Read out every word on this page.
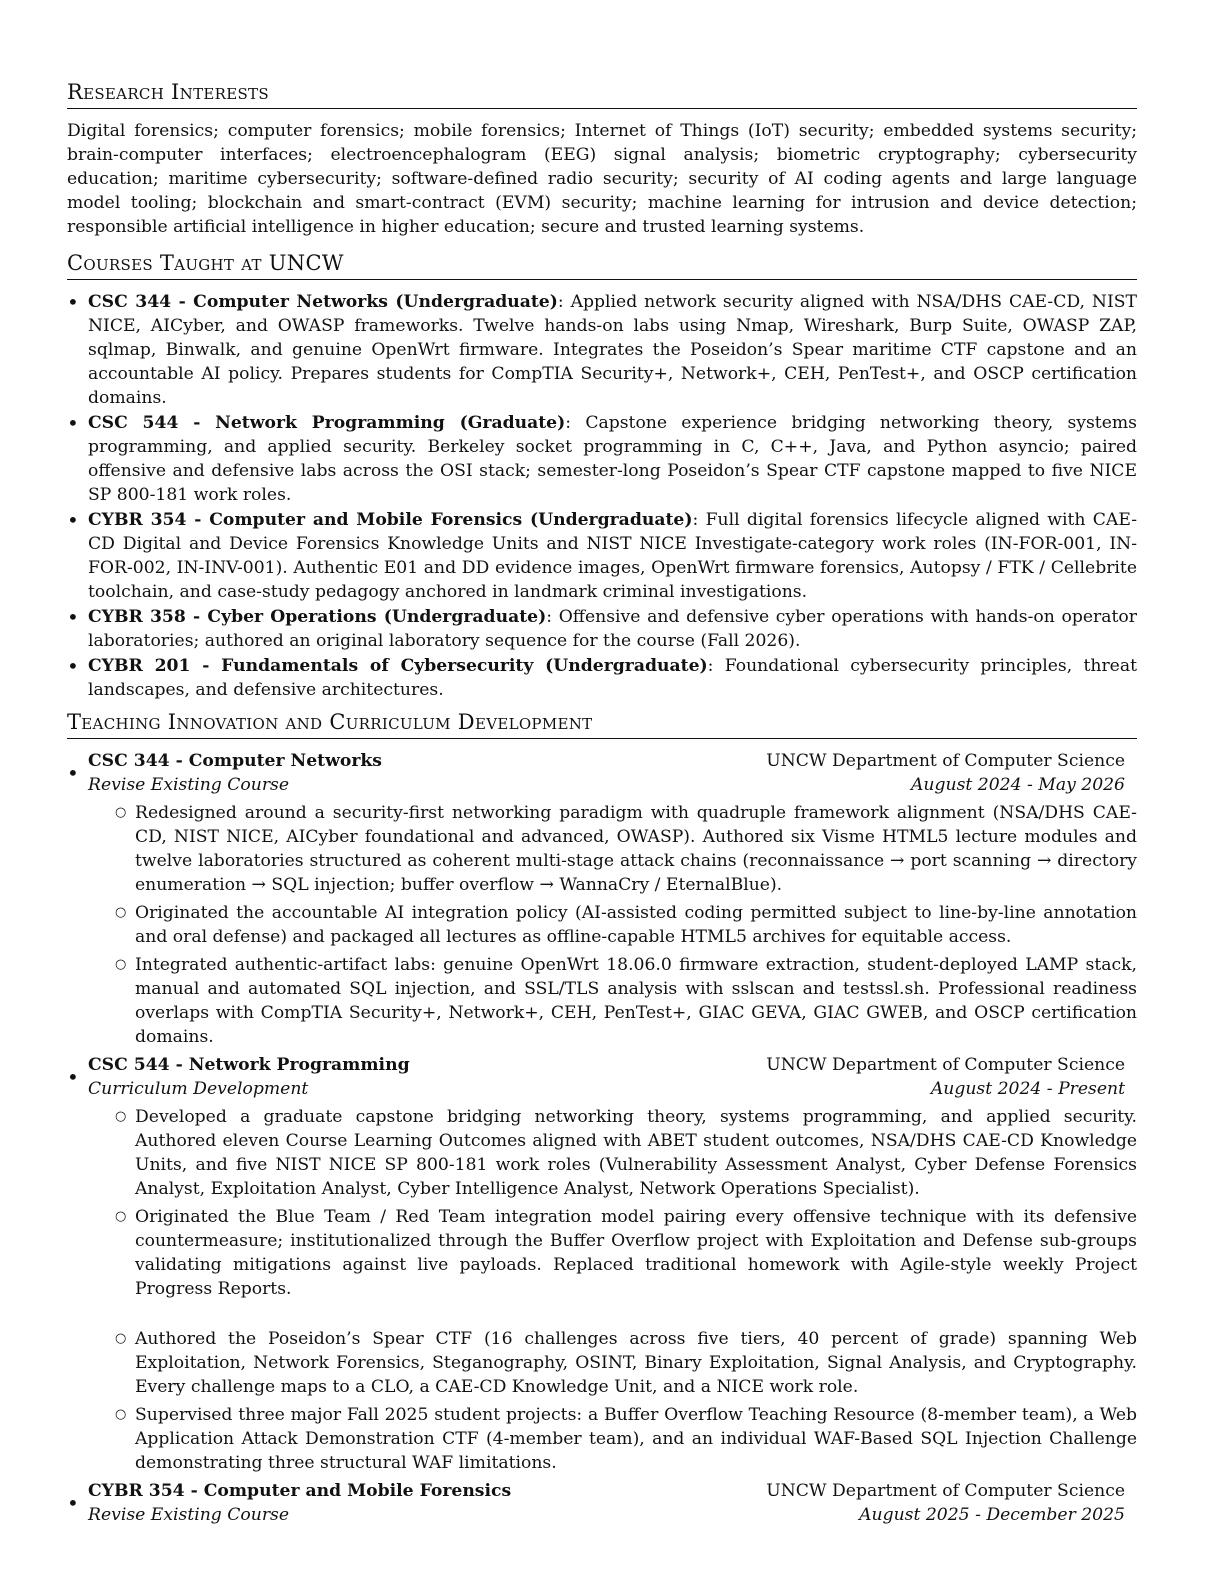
Research Interests

Digital forensics; computer forensics; mobile forensics; Internet of Things (IoT) security; embedded systems security; brain-computer interfaces; electroencephalogram (EEG) signal analysis; biometric cryptography; cybersecurity education; maritime cybersecurity; software-defined radio security; security of AI coding agents and large language model tooling; blockchain and smart-contract (EVM) security; machine learning for intrusion and device detection; responsible artificial intelligence in higher education; secure and trusted learning systems.

Courses Taught at UNCW
• CSC 344 - Computer Networks (Undergraduate): Applied network security aligned with NSA/DHS CAE-CD, NIST NICE, AICyber, and OWASP frameworks. Twelve hands-on labs using Nmap, Wireshark, Burp Suite, OWASP ZAP, sqlmap, Binwalk, and genuine OpenWrt firmware. Integrates the Poseidon’s Spear maritime CTF capstone and an accountable AI policy. Prepares students for CompTIA Security+, Network+, CEH, PenTest+, and OSCP certification domains.
• CSC 544 - Network Programming (Graduate): Capstone experience bridging networking theory, systems programming, and applied security. Berkeley socket programming in C, C++, Java, and Python asyncio; paired offensive and defensive labs across the OSI stack; semester-long Poseidon’s Spear CTF capstone mapped to five NICE SP 800-181 work roles.
• CYBR 354 - Computer and Mobile Forensics (Undergraduate): Full digital forensics lifecycle aligned with CAE-CD Digital and Device Forensics Knowledge Units and NIST NICE Investigate-category work roles (IN-FOR-001, IN-FOR-002, IN-INV-001). Authentic E01 and DD evidence images, OpenWrt firmware forensics, Autopsy / FTK / Cellebrite toolchain, and case-study pedagogy anchored in landmark criminal investigations.
• CYBR 358 - Cyber Operations (Undergraduate): Offensive and defensive cyber operations with hands-on operator laboratories; authored an original laboratory sequence for the course (Fall 2026).
• CYBR 201 - Fundamentals of Cybersecurity (Undergraduate): Foundational cybersecurity principles, threat landscapes, and defensive architectures.
Teaching Innovation and Curriculum Development
• CSC 344 - Computer Networks	UNCW Department of Computer Science
Revise Existing Course	August 2024 - May 2026
○ Redesigned around a security-first networking paradigm with quadruple framework alignment (NSA/DHS CAE-CD, NIST NICE, AICyber foundational and advanced, OWASP). Authored six Visme HTML5 lecture modules and twelve laboratories structured as coherent multi-stage attack chains (reconnaissance → port scanning → directory enumeration → SQL injection; buffer overflow → WannaCry / EternalBlue).
○ Originated the accountable AI integration policy (AI-assisted coding permitted subject to line-by-line annotation and oral defense) and packaged all lectures as offline-capable HTML5 archives for equitable access.
○ Integrated authentic-artifact labs: genuine OpenWrt 18.06.0 firmware extraction, student-deployed LAMP stack, manual and automated SQL injection, and SSL/TLS analysis with sslscan and testssl.sh. Professional readiness overlaps with CompTIA Security+, Network+, CEH, PenTest+, GIAC GEVA, GIAC GWEB, and OSCP certification domains.
• CSC 544 - Network Programming	UNCW Department of Computer Science
Curriculum Development	August 2024 - Present
○ Developed a graduate capstone bridging networking theory, systems programming, and applied security. Authored eleven Course Learning Outcomes aligned with ABET student outcomes, NSA/DHS CAE-CD Knowledge Units, and five NIST NICE SP 800-181 work roles (Vulnerability Assessment Analyst, Cyber Defense Forensics Analyst, Exploitation Analyst, Cyber Intelligence Analyst, Network Operations Specialist).
○ Originated the Blue Team / Red Team integration model pairing every offensive technique with its defensive countermeasure; institutionalized through the Buffer Overflow project with Exploitation and Defense sub-groups validating mitigations against live payloads. Replaced traditional homework with Agile-style weekly Project Progress Reports.
○ Authored the Poseidon’s Spear CTF (16 challenges across five tiers, 40 percent of grade) spanning Web Exploitation, Network Forensics, Steganography, OSINT, Binary Exploitation, Signal Analysis, and Cryptography. Every challenge maps to a CLO, a CAE-CD Knowledge Unit, and a NICE work role.
○ Supervised three major Fall 2025 student projects: a Buffer Overflow Teaching Resource (8-member team), a Web Application Attack Demonstration CTF (4-member team), and an individual WAF-Based SQL Injection Challenge demonstrating three structural WAF limitations.
• CYBR 354 - Computer and Mobile Forensics	UNCW Department of Computer Science
Revise Existing Course	August 2025 - December 2025
